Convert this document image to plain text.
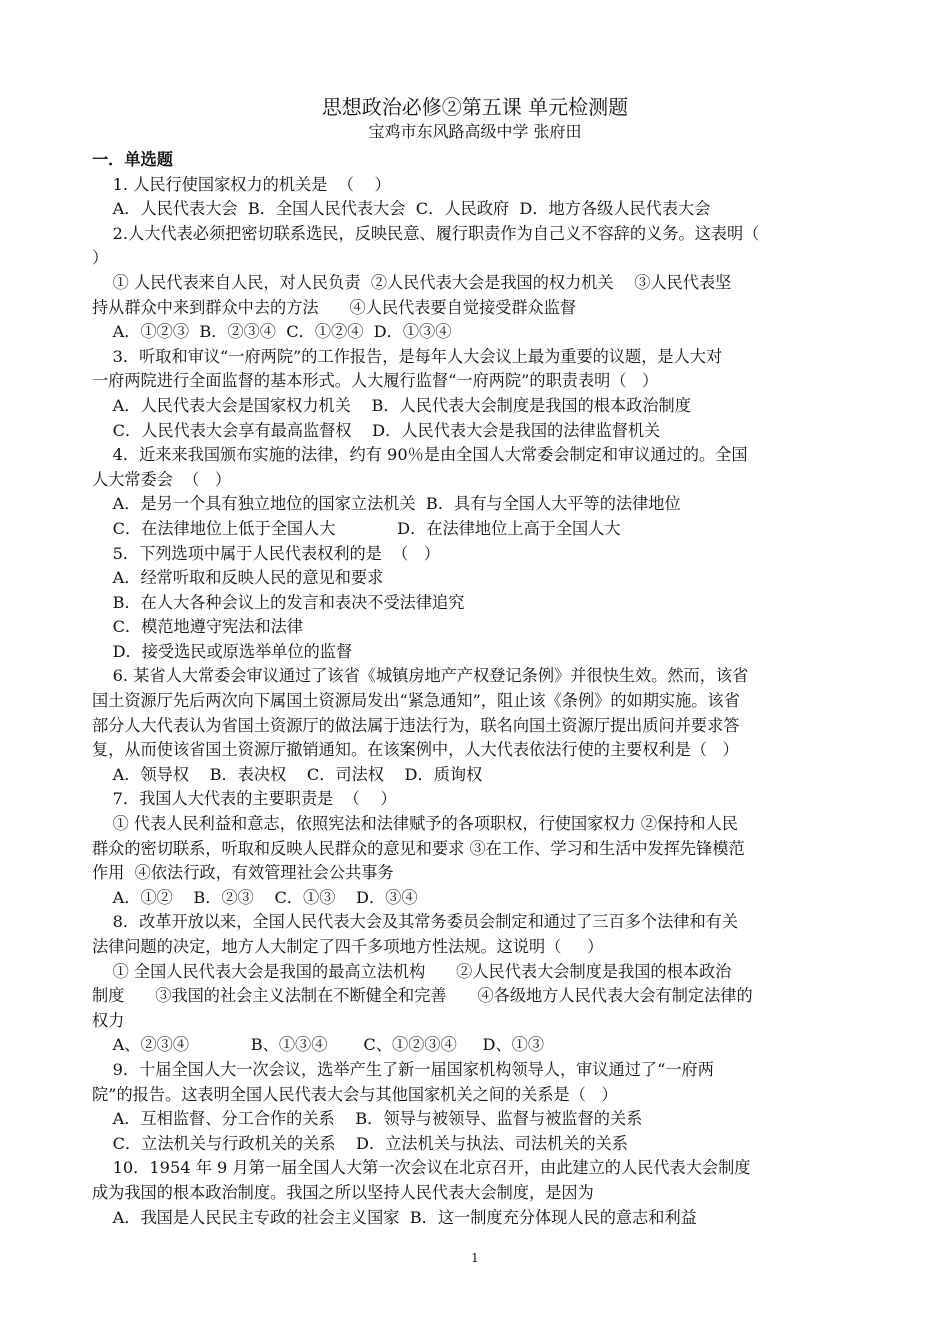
思想政治必修②第五课 单元检测题
宝鸡市东风路高级中学 张府田
一．单选题
1. 人民行使国家权力的机关是  （    ）
A．人民代表大会  B．全国人民代表大会  C．人民政府  D．地方各级人民代表大会
2.人大代表必须把密切联系选民，反映民意、履行职责作为自己义不容辞的义务。这表明（
）
① 人民代表来自人民，对人民负责  ②人民代表大会是我国的权力机关    ③人民代表坚
持从群众中来到群众中去的方法      ④人民代表要自觉接受群众监督
A．①②③  B．②③④  C．①②④  D．①③④
3．听取和审议“一府两院”的工作报告，是每年人大会议上最为重要的议题，是人大对
一府两院进行全面监督的基本形式。人大履行监督“一府两院”的职责表明（   ）
A．人民代表大会是国家权力机关    B．人民代表大会制度是我国的根本政治制度
C．人民代表大会享有最高监督权    D．人民代表大会是我国的法律监督机关
4．近来来我国颁布实施的法律，约有 90％是由全国人大常委会制定和审议通过的。全国
人大常委会  （   ）
A．是另一个具有独立地位的国家立法机关  B．具有与全国人大平等的法律地位
C．在法律地位上低于全国人大            D．在法律地位上高于全国人大
5．下列选项中属于人民代表权利的是  （   ）
A．经常听取和反映人民的意见和要求
B．在人大各种会议上的发言和表决不受法律追究
C．模范地遵守宪法和法律
D．接受选民或原选举单位的监督
6. 某省人大常委会审议通过了该省《城镇房地产产权登记条例》并很快生效。然而，该省
国土资源厅先后两次向下属国土资源局发出“紧急通知”，阻止该《条例》的如期实施。该省
部分人大代表认为省国土资源厅的做法属于违法行为，联名向国土资源厅提出质问并要求答
复，从而使该省国土资源厅撤销通知。在该案例中，人大代表依法行使的主要权利是（   ）
A．领导权    B．表决权    C．司法权    D．质询权
7．我国人大代表的主要职责是  （    ）
① 代表人民利益和意志，依照宪法和法律赋予的各项职权，行使国家权力 ②保持和人民
群众的密切联系，听取和反映人民群众的意见和要求 ③在工作、学习和生活中发挥先锋模范
作用  ④依法行政，有效管理社会公共事务
A．①②    B．②③    C．①③    D．③④
8．改革开放以来，全国人民代表大会及其常务委员会制定和通过了三百多个法律和有关
法律问题的决定，地方人大制定了四千多项地方性法规。这说明（     ）
① 全国人民代表大会是我国的最高立法机构      ②人民代表大会制度是我国的根本政治
制度      ③我国的社会主义法制在不断健全和完善      ④各级地方人民代表大会有制定法律的
权力
A、②③④            B、①③④       C、①②③④     D、①③
9．十届全国人大一次会议，选举产生了新一届国家机构领导人，审议通过了“一府两
院”的报告。这表明全国人民代表大会与其他国家机关之间的关系是（   ）
A．互相监督、分工合作的关系    B．领导与被领导、监督与被监督的关系
C．立法机关与行政机关的关系    D．立法机关与执法、司法机关的关系
10．1954 年 9 月第一届全国人大第一次会议在北京召开，由此建立的人民代表大会制度
成为我国的根本政治制度。我国之所以坚持人民代表大会制度，是因为
A．我国是人民民主专政的社会主义国家  B．这一制度充分体现人民的意志和利益
1
